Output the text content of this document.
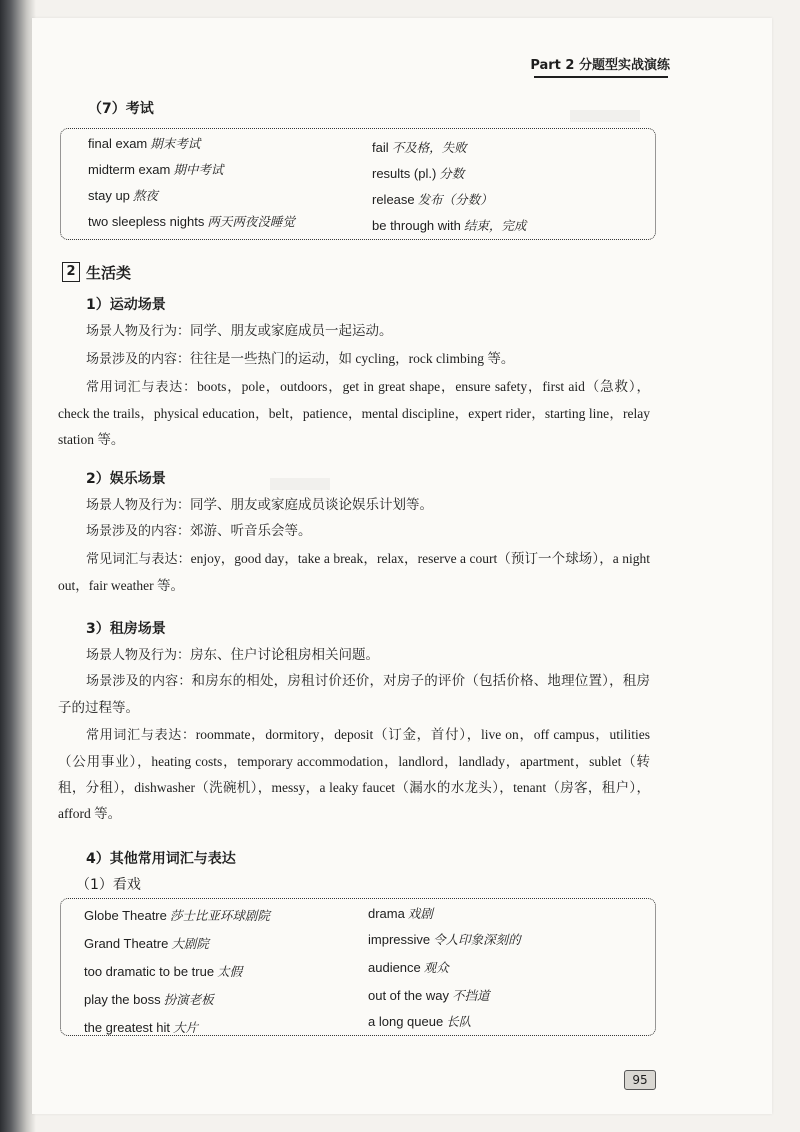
Part 2 分题型实战演练
（7）考试
final exam 期末考试
midterm exam 期中考试
stay up 熬夜
two sleepless nights 两天两夜没睡觉
fail 不及格，失败
results (pl.) 分数
release 发布（分数）
be through with 结束，完成
2 生活类
1）运动场景
场景人物及行为：同学、朋友或家庭成员一起运动。
场景涉及的内容：往往是一些热门的运动，如 cycling，rock climbing 等。
常用词汇与表达：boots，pole，outdoors，get in great shape，ensure safety，first aid（急救），check the trails，physical education，belt，patience，mental discipline，expert rider，starting line，relay station 等。
2）娱乐场景
场景人物及行为：同学、朋友或家庭成员谈论娱乐计划等。
场景涉及的内容：郊游、听音乐会等。
常见词汇与表达：enjoy，good day，take a break，relax，reserve a court（预订一个球场），a night out，fair weather 等。
3）租房场景
场景人物及行为：房东、住户讨论租房相关问题。
场景涉及的内容：和房东的相处，房租讨价还价，对房子的评价（包括价格、地理位置），租房子的过程等。
常用词汇与表达：roommate，dormitory，deposit（订金，首付），live on，off campus，utilities（公用事业），heating costs，temporary accommodation，landlord，landlady，apartment，sublet（转租，分租），dishwasher（洗碗机），messy，a leaky faucet（漏水的水龙头），tenant（房客，租户），afford 等。
4）其他常用词汇与表达
（1）看戏
Globe Theatre 莎士比亚环球剧院
Grand Theatre 大剧院
too dramatic to be true 太假
play the boss 扮演老板
the greatest hit 大片
drama 戏剧
impressive 令人印象深刻的
audience 观众
out of the way 不挡道
a long queue 长队
95
